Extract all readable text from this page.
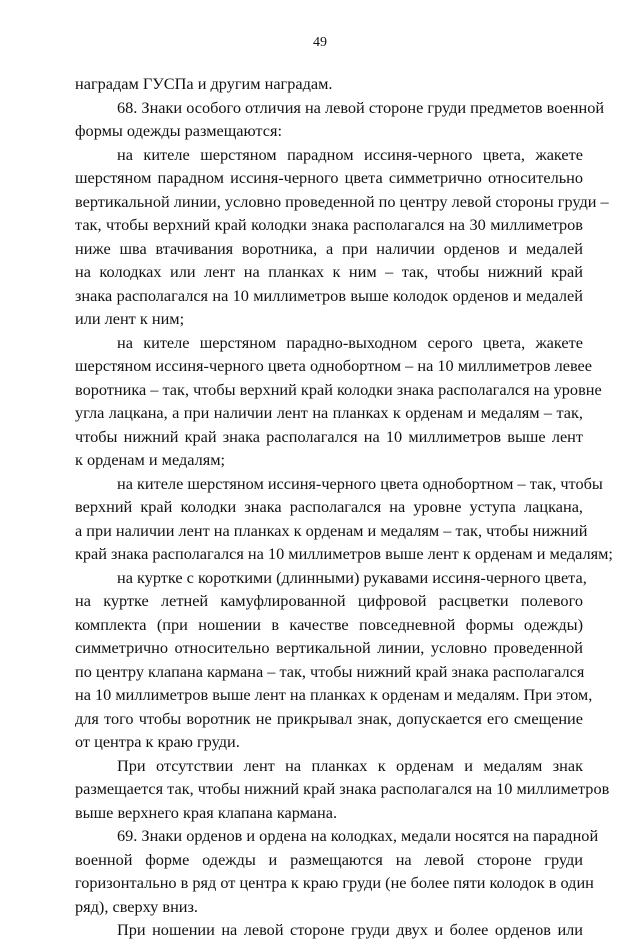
49
наградам ГУСПа и другим наградам.
68. Знаки особого отличия на левой стороне груди предметов военной
формы одежды размещаются:
на кителе шерстяном парадном иссиня-черного цвета, жакете
шерстяном парадном иссиня-черного цвета симметрично относительно
вертикальной линии, условно проведенной по центру левой стороны груди –
так, чтобы верхний край колодки знака располагался на 30 миллиметров
ниже шва втачивания воротника, а при наличии орденов и медалей
на колодках или лент на планках к ним – так, чтобы нижний край
знака располагался на 10 миллиметров выше колодок орденов и медалей
или лент к ним;
на кителе шерстяном парадно-выходном серого цвета, жакете
шерстяном иссиня-черного цвета однобортном – на 10 миллиметров левее
воротника – так, чтобы верхний край колодки знака располагался на уровне
угла лацкана, а при наличии лент на планках к орденам и медалям – так,
чтобы нижний край знака располагался на 10 миллиметров выше лент
к орденам и медалям;
на кителе шерстяном иссиня-черного цвета однобортном – так, чтобы
верхний край колодки знака располагался на уровне уступа лацкана,
а при наличии лент на планках к орденам и медалям – так, чтобы нижний
край знака располагался на 10 миллиметров выше лент к орденам и медалям;
на куртке с короткими (длинными) рукавами иссиня-черного цвета,
на куртке летней камуфлированной цифровой расцветки полевого
комплекта (при ношении в качестве повседневной формы одежды)
симметрично относительно вертикальной линии, условно проведенной
по центру клапана кармана – так, чтобы нижний край знака располагался
на 10 миллиметров выше лент на планках к орденам и медалям. При этом,
для того чтобы воротник не прикрывал знак, допускается его смещение
от центра к краю груди.
При отсутствии лент на планках к орденам и медалям знак
размещается так, чтобы нижний край знака располагался на 10 миллиметров
выше верхнего края клапана кармана.
69. Знаки орденов и ордена на колодках, медали носятся на парадной
военной форме одежды и размещаются на левой стороне груди
горизонтально в ряд от центра к краю груди (не более пяти колодок в один
ряд), сверху вниз.
При ношении на левой стороне груди двух и более орденов или
